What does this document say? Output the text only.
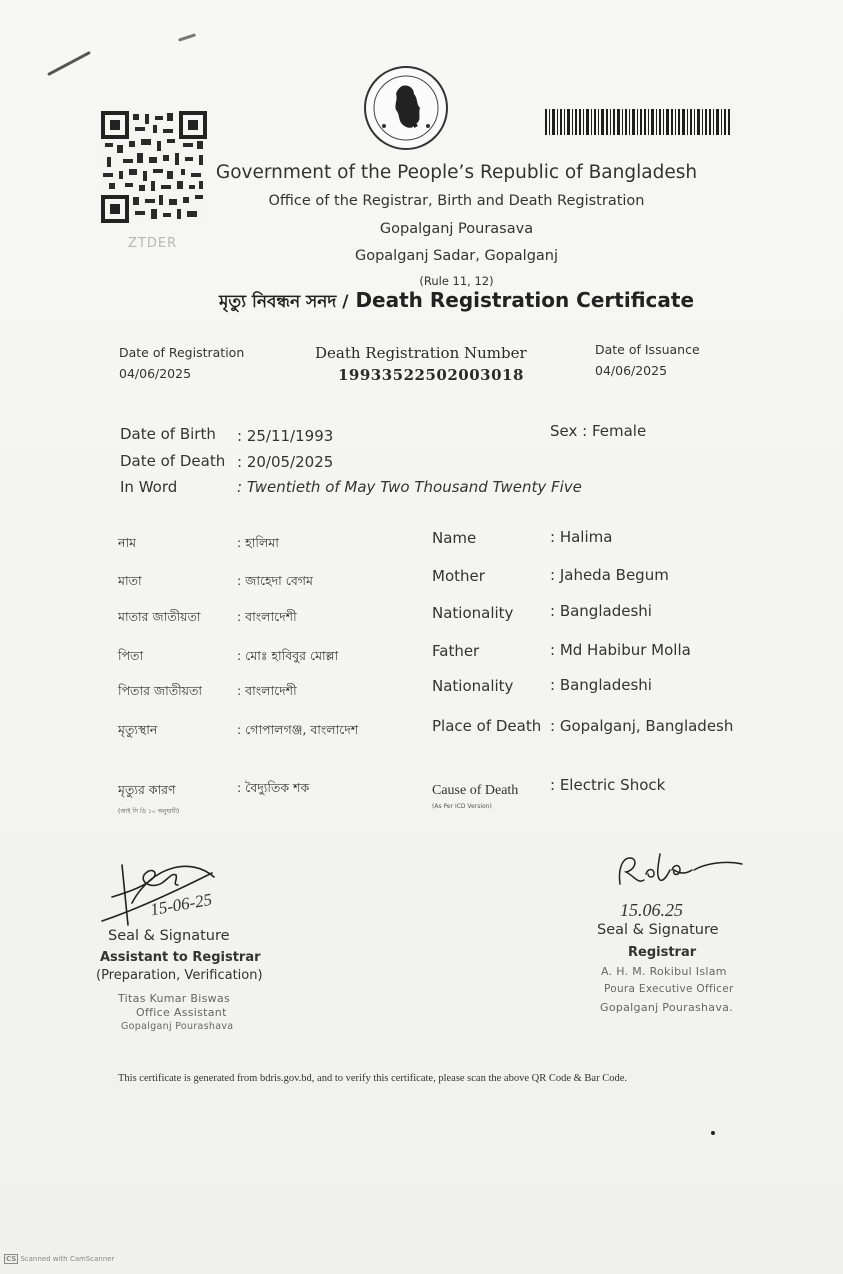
ZTDER
Government of the People’s Republic of Bangladesh
Office of the Registrar, Birth and Death Registration
Gopalganj Pourasava
Gopalganj Sadar, Gopalganj
(Rule 11, 12)
মৃত্যু নিবন্ধন সনদ / Death Registration Certificate
Date of Registration
04/06/2025
Death Registration Number
19933522502003018
Date of Issuance
04/06/2025
Date of Birth : 25/11/1993
Date of Death : 20/05/2025
In Word	: Twentieth of May Two Thousand Twenty Five
Sex : Female
নাম	: হালিমা
মাতা	: জাহেদা বেগম
মাতার জাতীয়তা	: বাংলাদেশী
পিতা	: মোঃ হাবিবুর মোল্লা
পিতার জাতীয়তা	: বাংলাদেশী
মৃত্যুস্থান	: গোপালগঞ্জ, বাংলাদেশ
মৃত্যুর কারণ
(আই সি ডি ১০ অনুযায়ী)
: বৈদ্যুতিক শক
Name	: Halima
Mother	: Jaheda Begum
Nationality : Bangladeshi
Father	: Md Habibur Molla
Nationality : Bangladeshi
Place of Death : Gopalganj, Bangladesh
Cause of Death
(As Per ICD Version)
: Electric Shock
15-06-25
Seal & Signature
Assistant to Registrar
(Preparation, Verification)
Titas Kumar Biswas
Office Assistant
Gopalganj Pourashava
15.06.25
Seal & Signature
Registrar
A. H. M. Rokibul Islam
Poura Executive Officer
Gopalganj Pourashava.
This certificate is generated from bdris.gov.bd, and to verify this certificate, please scan the above QR Code & Bar Code.
CS Scanned with CamScanner
